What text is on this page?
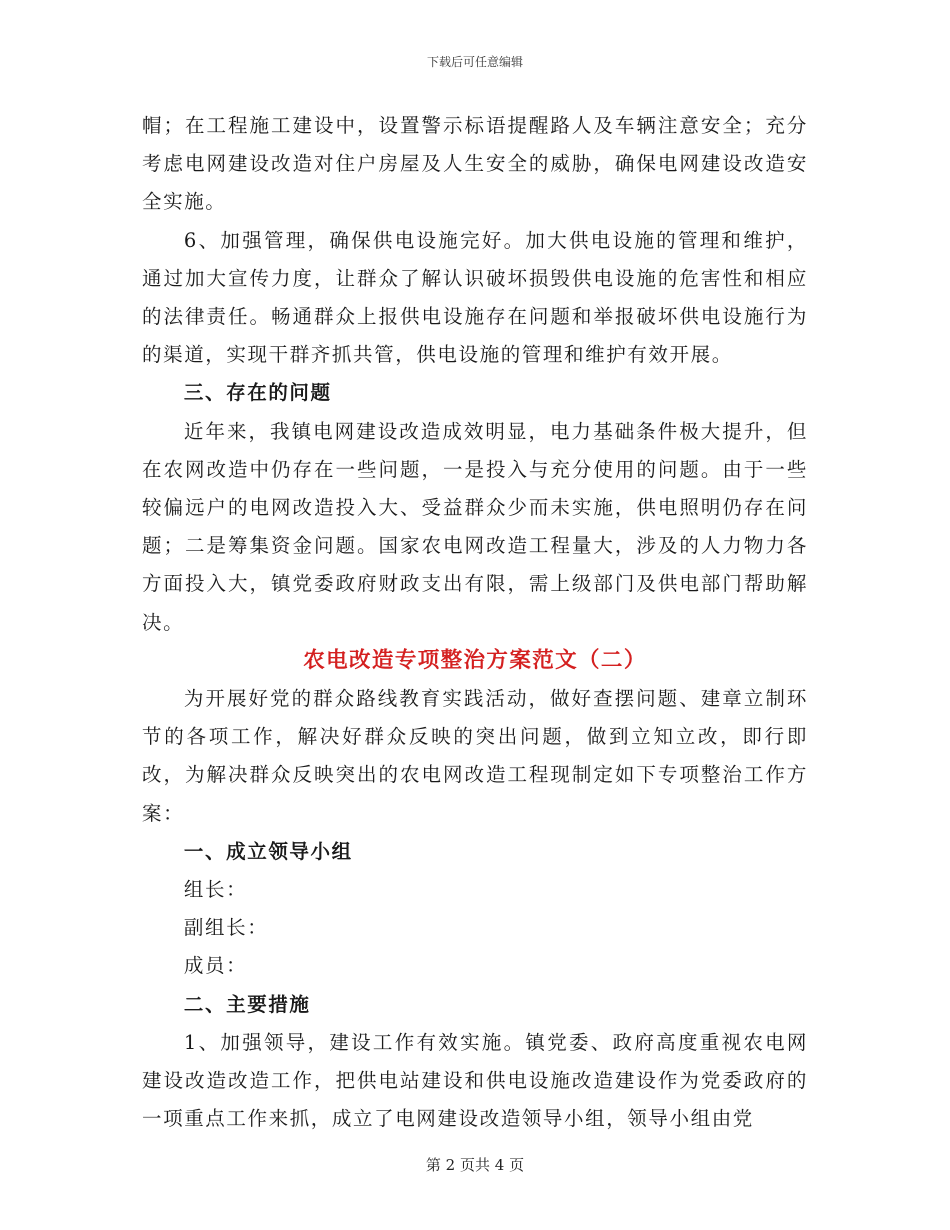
下载后可任意编辑

帽；在工程施工建设中，设置警示标语提醒路人及车辆注意安全；充分考虑电网建设改造对住户房屋及人生安全的威胁，确保电网建设改造安全实施。

6、加强管理，确保供电设施完好。加大供电设施的管理和维护，通过加大宣传力度，让群众了解认识破坏损毁供电设施的危害性和相应的法律责任。畅通群众上报供电设施存在问题和举报破坏供电设施行为的渠道，实现干群齐抓共管，供电设施的管理和维护有效开展。

三、存在的问题

近年来，我镇电网建设改造成效明显，电力基础条件极大提升，但在农网改造中仍存在一些问题，一是投入与充分使用的问题。由于一些较偏远户的电网改造投入大、受益群众少而未实施，供电照明仍存在问题；二是筹集资金问题。国家农电网改造工程量大，涉及的人力物力各方面投入大，镇党委政府财政支出有限，需上级部门及供电部门帮助解决。

农电改造专项整治方案范文（二）

为开展好党的群众路线教育实践活动，做好查摆问题、建章立制环节的各项工作，解决好群众反映的突出问题，做到立知立改，即行即改，为解决群众反映突出的农电网改造工程现制定如下专项整治工作方案：

一、成立领导小组

组长：

副组长：

成员：

二、主要措施

1、加强领导，建设工作有效实施。镇党委、政府高度重视农电网建设改造改造工作，把供电站建设和供电设施改造建设作为党委政府的一项重点工作来抓，成立了电网建设改造领导小组，领导小组由党

第 2 页共 4 页
